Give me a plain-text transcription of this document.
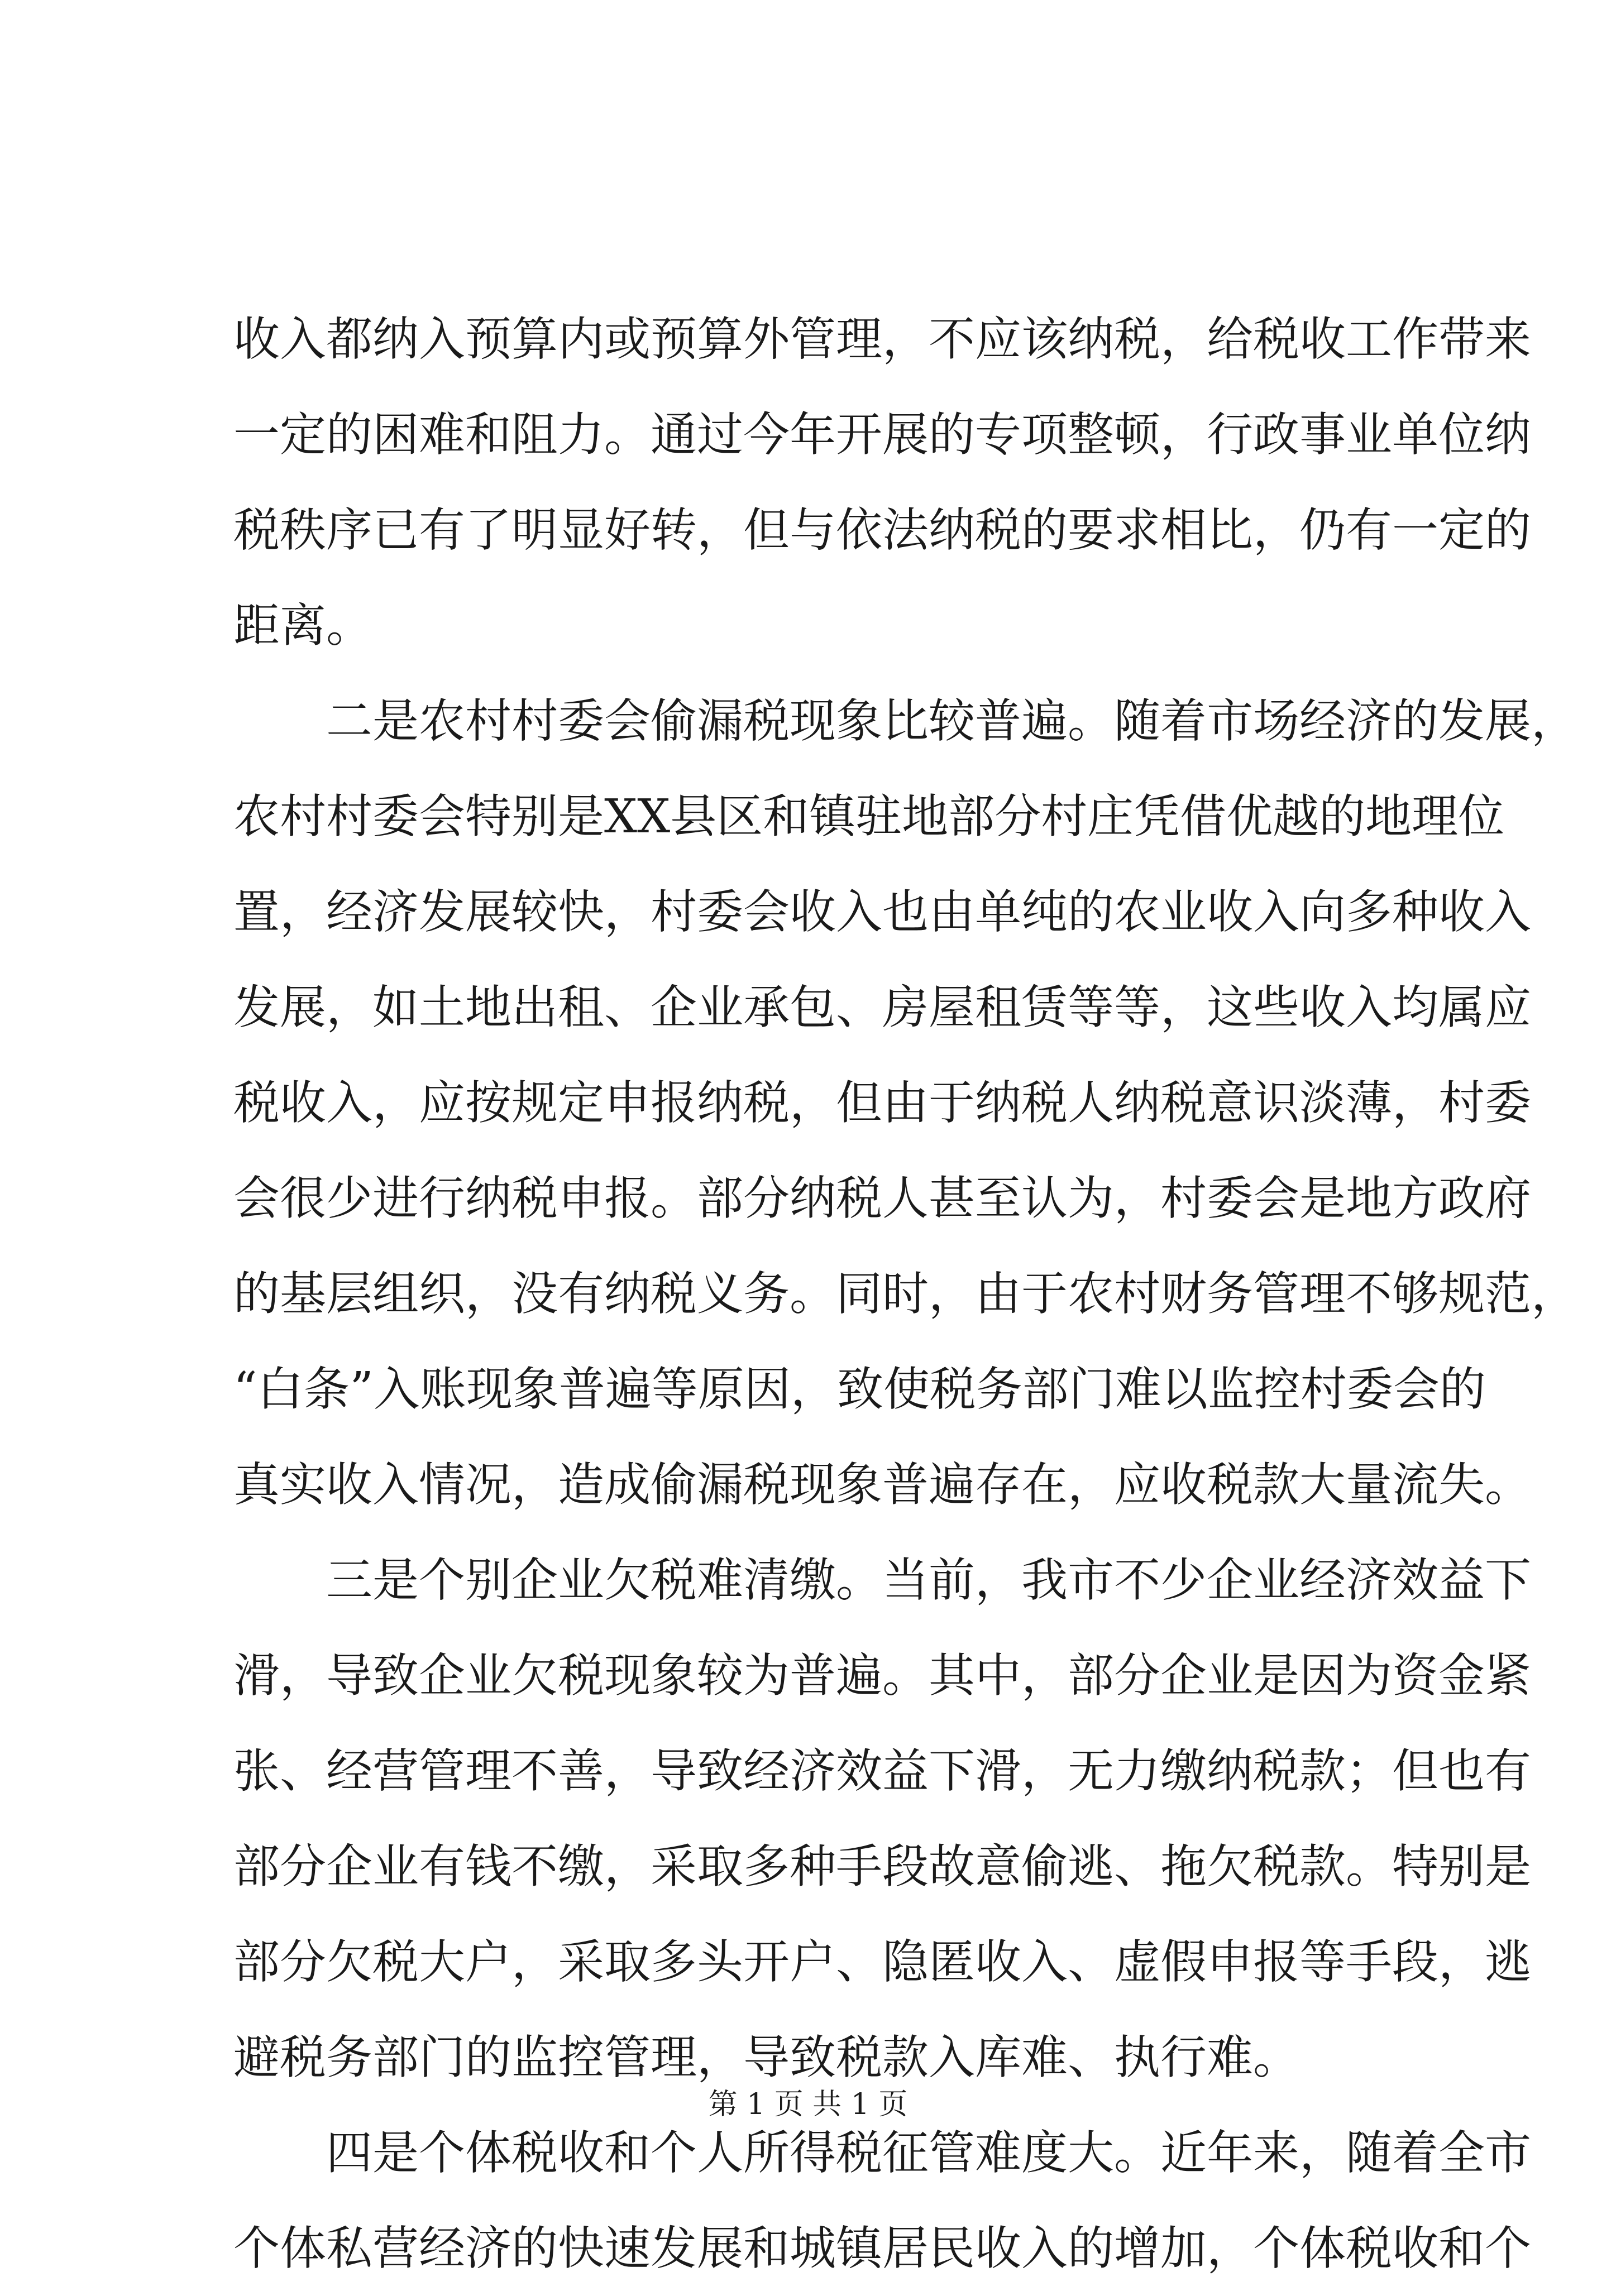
收入都纳入预算内或预算外管理，不应该纳税，给税收工作带来
一定的困难和阻力。通过今年开展的专项整顿，行政事业单位纳
税秩序已有了明显好转，但与依法纳税的要求相比，仍有一定的
距离。
二是农村村委会偷漏税现象比较普遍。随着市场经济的发展，
农村村委会特别是XX县区和镇驻地部分村庄凭借优越的地理位
置，经济发展较快，村委会收入也由单纯的农业收入向多种收入
发展，如土地出租、企业承包、房屋租赁等等，这些收入均属应
税收入，应按规定申报纳税，但由于纳税人纳税意识淡薄，村委
会很少进行纳税申报。部分纳税人甚至认为，村委会是地方政府
的基层组织，没有纳税义务。同时，由于农村财务管理不够规范，
“白条”入账现象普遍等原因，致使税务部门难以监控村委会的
真实收入情况，造成偷漏税现象普遍存在，应收税款大量流失。
三是个别企业欠税难清缴。当前，我市不少企业经济效益下
滑，导致企业欠税现象较为普遍。其中，部分企业是因为资金紧
张、经营管理不善，导致经济效益下滑，无力缴纳税款；但也有
部分企业有钱不缴，采取多种手段故意偷逃、拖欠税款。特别是
部分欠税大户，采取多头开户、隐匿收入、虚假申报等手段，逃
避税务部门的监控管理，导致税款入库难、执行难。
四是个体税收和个人所得税征管难度大。近年来，随着全市
个体私营经济的快速发展和城镇居民收入的增加，个体税收和个
第 1 页 共 1 页
